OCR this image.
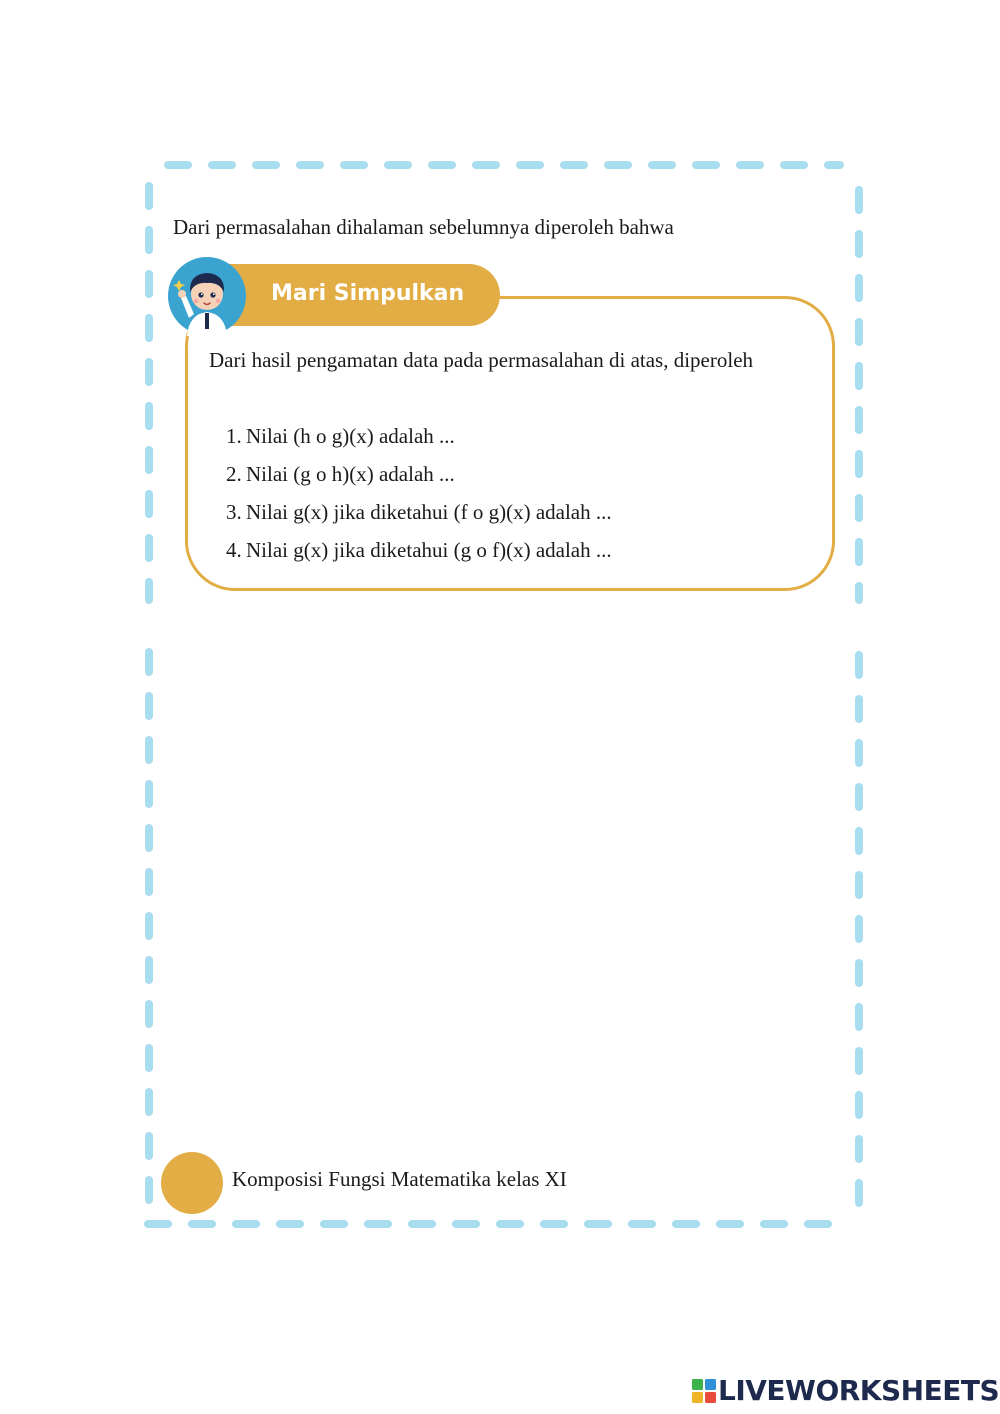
Dari permasalahan dihalaman sebelumnya diperoleh bahwa
Mari Simpulkan
Dari hasil pengamatan data pada permasalahan di atas, diperoleh
1. Nilai (h o g)(x) adalah ...
2. Nilai (g o h)(x) adalah ...
3. Nilai g(x) jika diketahui (f o g)(x) adalah ...
4. Nilai g(x) jika diketahui (g o f)(x) adalah ...
Komposisi Fungsi Matematika kelas XI
LIVEWORKSHEETS
